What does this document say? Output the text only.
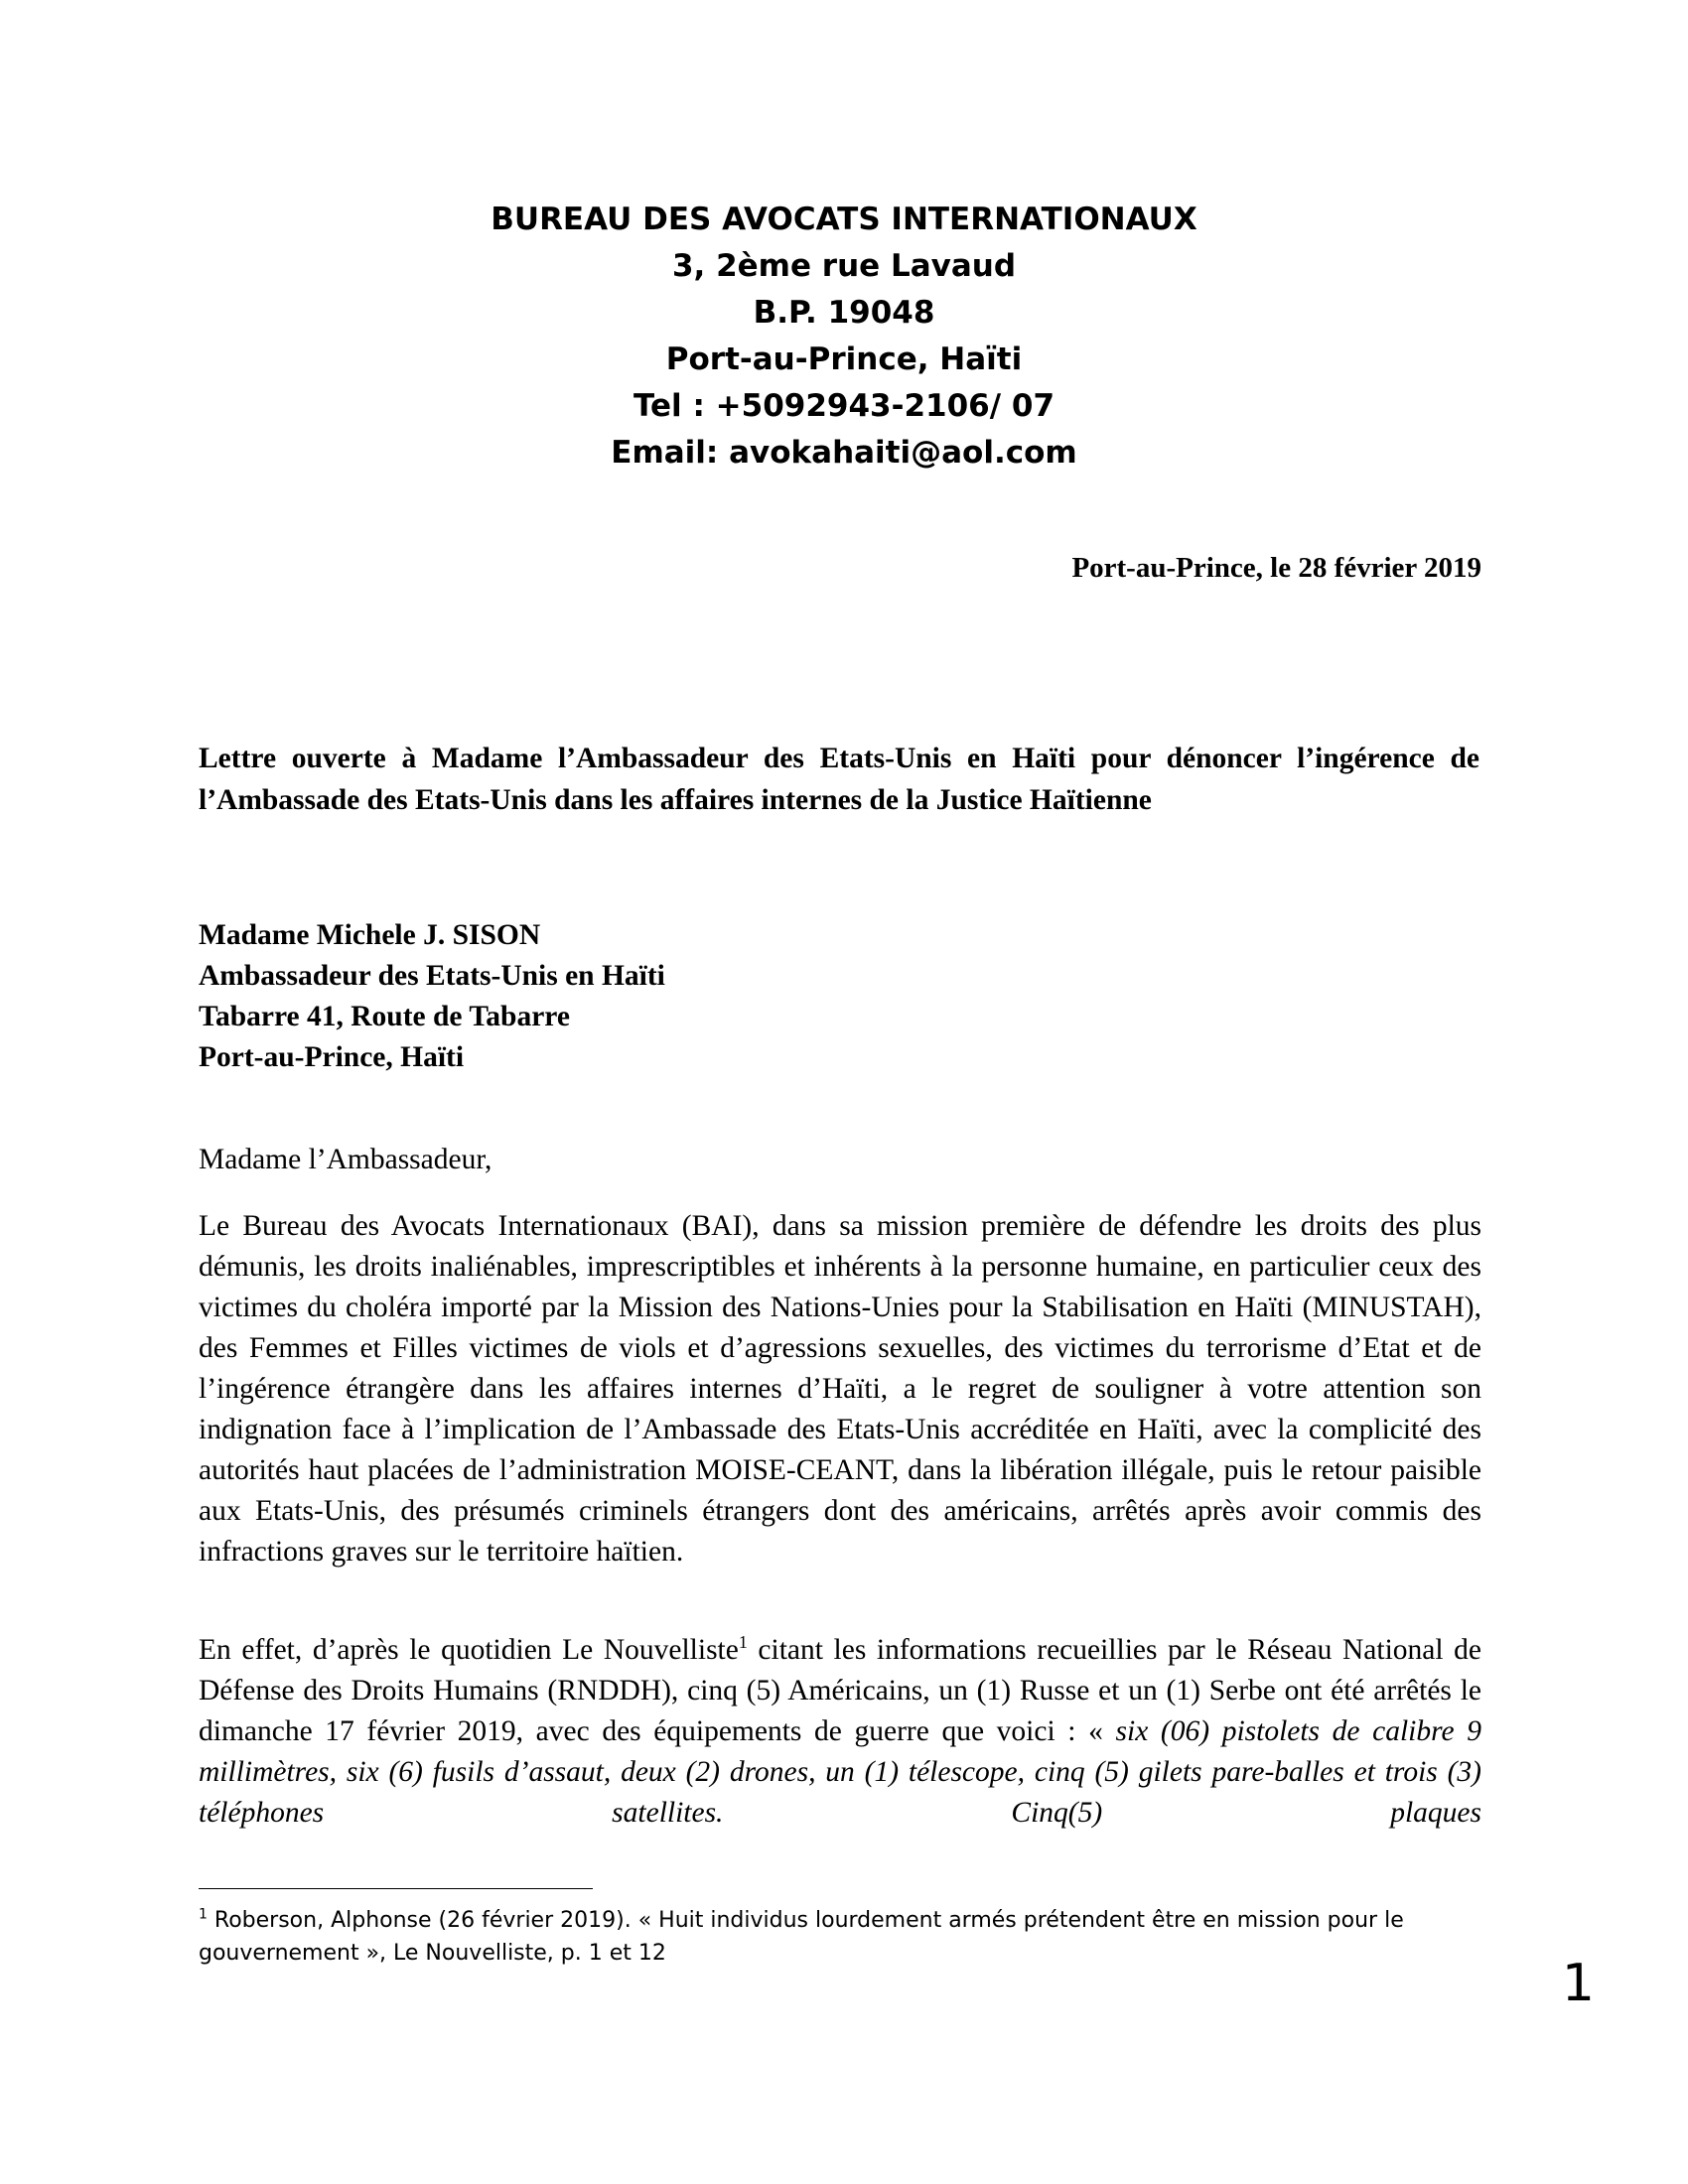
BUREAU DES AVOCATS INTERNATIONAUX
3, 2ème rue Lavaud
B.P. 19048
Port-au-Prince, Haïti
Tel : +5092943-2106/ 07
Email: avokahaiti@aol.com
Port-au-Prince, le 28 février 2019
Lettre ouverte à Madame l’Ambassadeur des Etats-Unis en Haïti pour dénoncer l’ingérence de l’Ambassade des Etats-Unis dans les affaires internes de la Justice Haïtienne
Madame Michele J. SISON
Ambassadeur des Etats-Unis en Haïti
Tabarre 41, Route de Tabarre
Port-au-Prince, Haïti
Madame l’Ambassadeur,

Le Bureau des Avocats Internationaux (BAI), dans sa mission première de défendre les droits des plus démunis, les droits inaliénables, imprescriptibles et inhérents à la personne humaine, en particulier ceux des victimes du choléra importé par la Mission des Nations-Unies pour la Stabilisation en Haïti (MINUSTAH), des Femmes et Filles victimes de viols et d’agressions sexuelles, des victimes du terrorisme d’Etat et de l’ingérence étrangère dans les affaires internes d’Haïti, a le regret de souligner à votre attention son indignation face à l’implication de l’Ambassade des Etats-Unis accréditée en Haïti, avec la complicité des autorités haut placées de l’administration MOISE-CEANT, dans la libération illégale, puis le retour paisible aux Etats-Unis, des présumés criminels étrangers dont des américains, arrêtés après avoir commis des infractions graves sur le territoire haïtien.

En effet, d’après le quotidien Le Nouvelliste$^1$ citant les informations recueillies par le Réseau National de Défense des Droits Humains (RNDDH), cinq (5) Américains, un (1) Russe et un (1) Serbe ont été arrêtés le dimanche 17 février 2019, avec des équipements de guerre que voici : « six (06) pistolets de calibre 9 millimètres, six (6) fusils d’assaut, deux (2) drones, un (1) télescope, cinq (5) gilets pare-balles et trois (3) téléphones satellites. Cinq(5) plaques

$^1$ Roberson, Alphonse (26 février 2019). « Huit individus lourdement armés prétendent être en mission pour le gouvernement », Le Nouvelliste, p. 1 et 12
1
